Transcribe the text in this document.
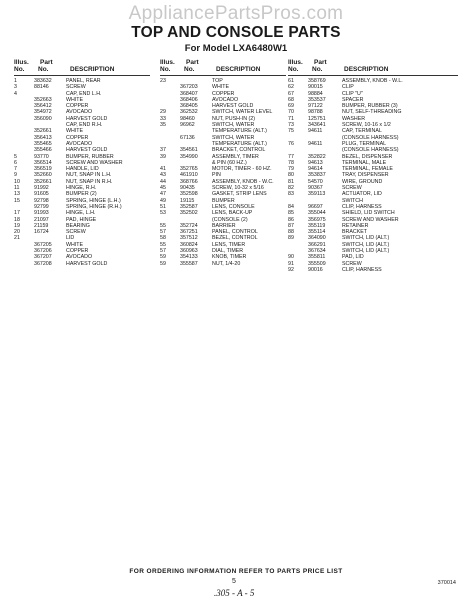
AppliancePartsPros.com
TOP AND CONSOLE PARTS
For Model LXA6480W1
Illus. Part
No. No.	DESCRIPTION
1	383632	PANEL, REAR
3	88146	SCREW
4	CAP, END L.H.
352663	WHITE
356412	COPPER
354972	AVOCADO
356090	HARVEST GOLD
CAP, END R.H.
352661	WHITE
356413	COPPER
355465	AVOCADO
355466	HARVEST GOLD
5	93770	BUMPER, RUBBER
6	356514	SCREW AND WASHER
7	356519	HANDLE, LID
9	352660	NUT, SNAP IN L.H.
10	352661	NUT, SNAP IN R.H.
11	91992	HINGE, R.H.
13	91605	BUMPER (2)
15	92798	SPRING, HINGE (L.H.)
92799	SPRING, HINGE (R.H.)
17	91993	HINGE, L.H.
18	21097	PAD, HINGE
19	21159	BEARING
20	16724	SCREW
21	LID
367205	WHITE
367206	COPPER
367207	AVOCADO
367208	HARVEST GOLD
Illus. Part
No. No.	DESCRIPTION
23	TOP
367203	WHITE
368407	COPPER
368406	AVOCADO
368405	HARVEST GOLD
29	362532	SWITCH, WATER LEVEL
33	98460	NUT, PUSH-IN (2)
35	96962	SWITCH, WATER
TEMPERATURE (ALT.)
67136	SWITCH, WATER
TEMPERATURE (ALT.)
37	354561	BRACKET, CONTROL
39	354990	ASSEMBLY, TIMER
& PIN (60 HZ.)
41	352765	MOTOR, TIMER - 60 HZ.
43	461910	PIN
44	368766	ASSEMBLY, KNOB - W.C.
45	90435	SCREW, 10-32 x 5/16
47	352598	GASKET, STRIP LENS
49	19115	BUMPER
51	352587	LENS, CONSOLE
53	352502	LENS, BACK-UP
(CONSOLE (2)
55	352724	BARRIER
57	367251	PANEL, CONTROL
58	357512	BEZEL, CONTROL
55	360824	LENS, TIMER
57	360963	DIAL, TIMER
59	354133	KNOB, TIMER
59	355587	NUT, 1/4-20
Illus. Part
No. No.	DESCRIPTION
61	358769	ASSEMBLY, KNOB - W.L.
62	90015	CLIP
67	98884	CLIP "U"
68	353537	SPACER
69	97122	BUMPER, RUBBER (3)
70	98788	NUT, SELF-THREADING
71	125751	WASHER
73	343641	SCREW, 10-16 x 1/2
75	94611	CAP, TERMINAL
(CONSOLE HARNESS)
76	94611	PLUG, TERMINAL
(CONSOLE HARNESS)
77	352822	BEZEL, DISPENSER
78	94613	TERMINAL, MALE
79	94614	TERMINAL, FEMALE
80	353837	TRAY, DISPENSER
81	54570	WIRE, GROUND
82	90367	SCREW
83	359113	ACTUATOR, LID
SWITCH
84	96697	CLIP, HARNESS
85	355044	SHIELD, LID SWITCH
86	356975	SCREW AND WASHER
87	355119	RETAINER
88	355114	BRACKET
89	364090	SWITCH, LID (ALT.)
366291	SWITCH, LID (ALT.)
367634	SWITCH, LID (ALT.)
90	355811	PAD, LID
91	355509	SCREW
92	90016	CLIP, HARNESS
FOR ORDERING INFORMATION REFER TO PARTS PRICE LIST
5	370014
.305 - A - 5
